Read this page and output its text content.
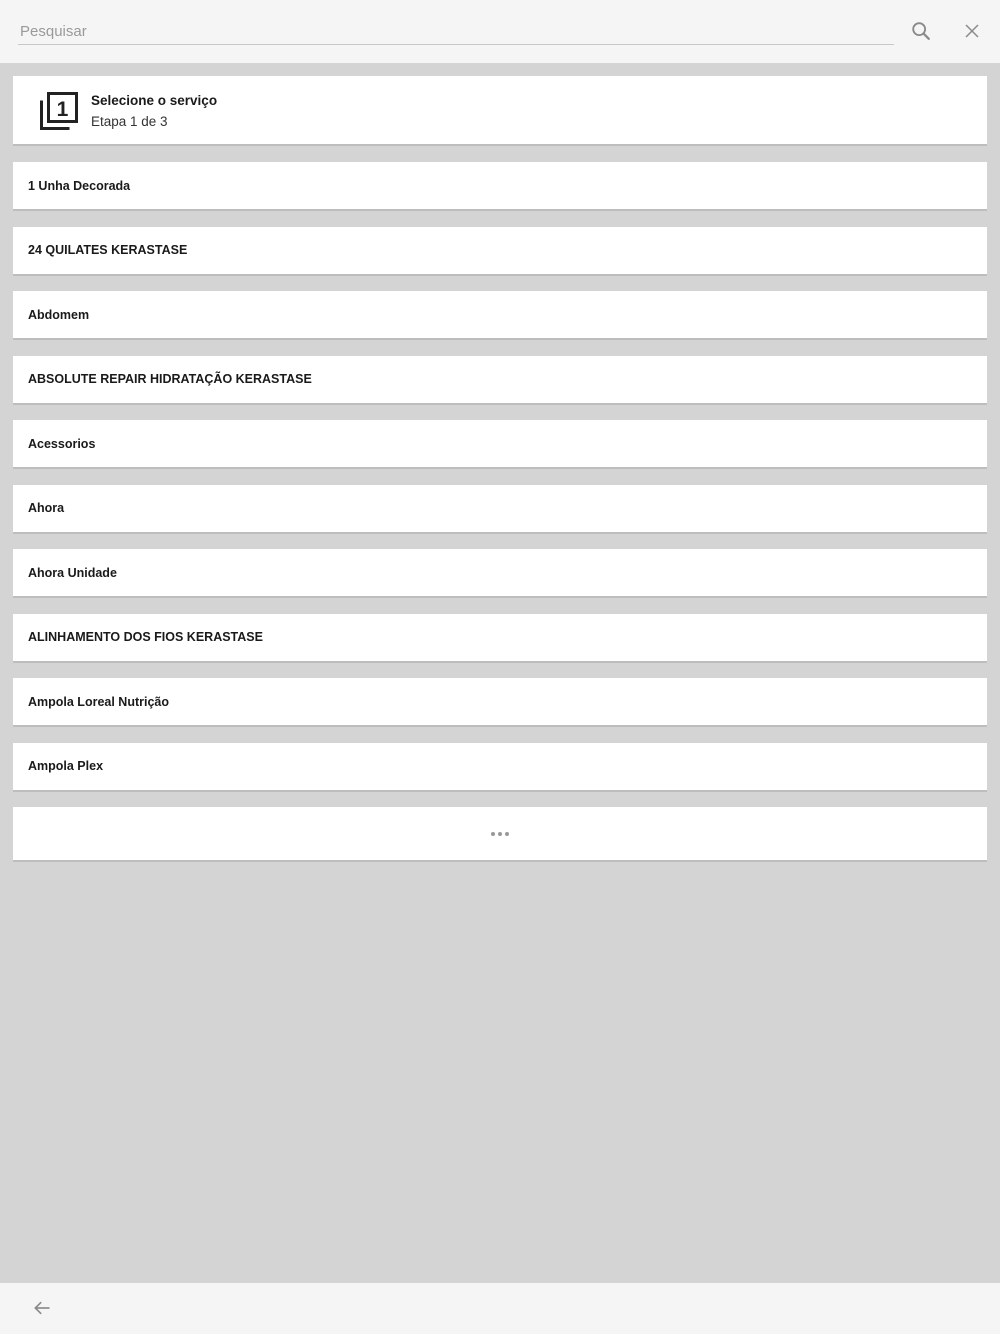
Pesquisar
1 Selecione o serviço
Etapa 1 de 3
1 Unha Decorada
24 QUILATES KERASTASE
Abdomem
ABSOLUTE REPAIR HIDRATAÇÃO KERASTASE
Acessorios
Ahora
Ahora Unidade
ALINHAMENTO DOS FIOS KERASTASE
Ampola Loreal Nutrição
Ampola Plex
